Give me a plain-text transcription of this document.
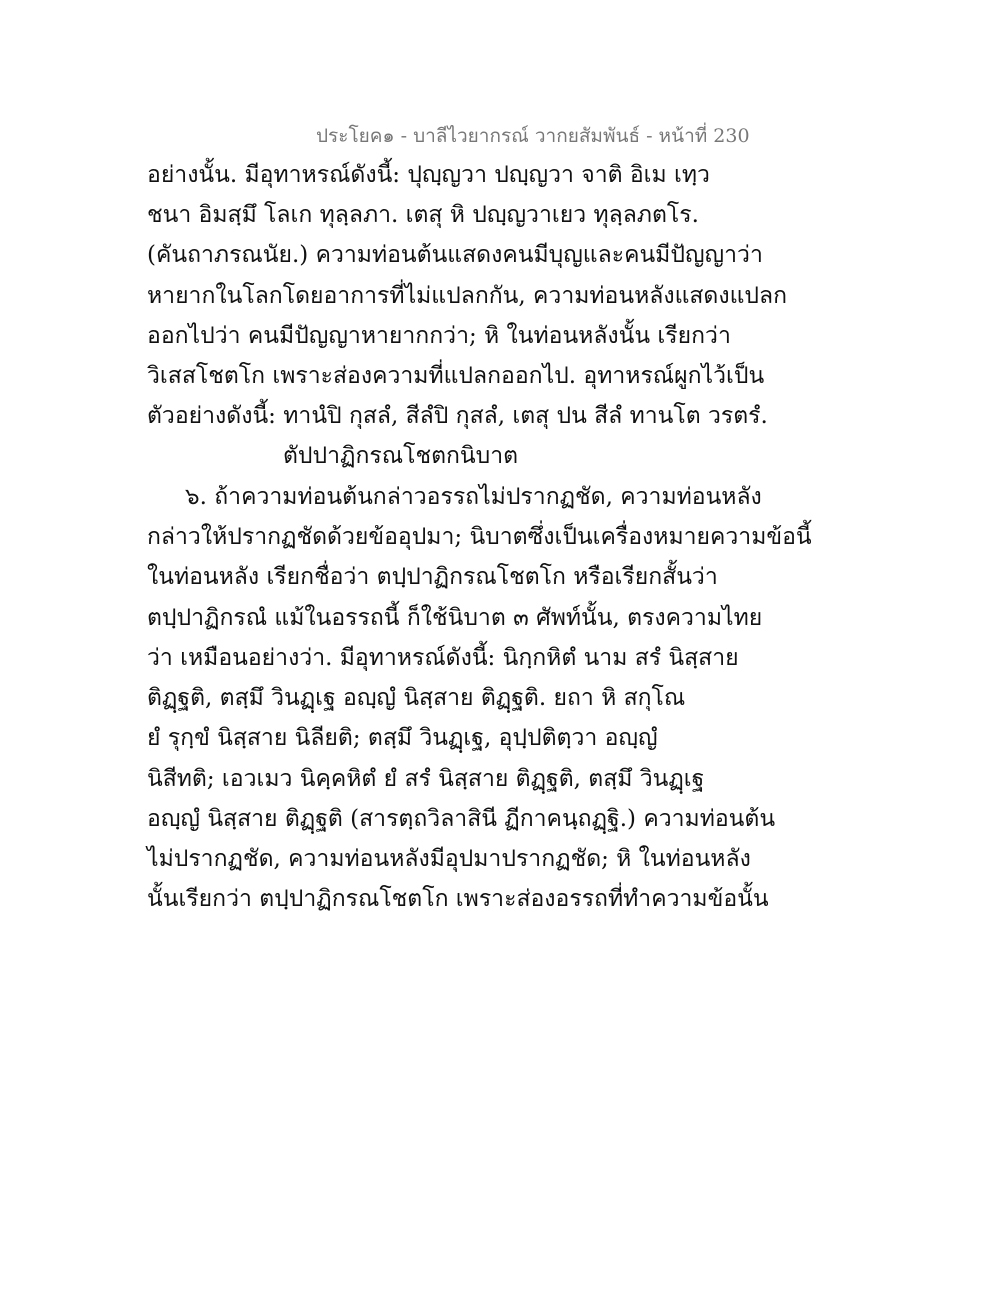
ประโยค๑ - บาลีไวยากรณ์ วากยสัมพันธ์ - หน้าที่ 230
อย่างนั้น. มีอุทาหรณ์ดังนี้: ปุญฺญวา ปญฺญวา จาติ อิเม เทฺว
ชนา อิมสฺมึ โลเก ทุลฺลภา. เตสุ หิ ปญฺญวาเยว ทุลฺลภตโร.
(คันถาภรณนัย.) ความท่อนต้นแสดงคนมีบุญและคนมีปัญญาว่า
หายากในโลกโดยอาการที่ไม่แปลกกัน, ความท่อนหลังแสดงแปลก
ออกไปว่า คนมีปัญญาหายากกว่า; หิ ในท่อนหลังนั้น เรียกว่า
วิเสสโชตโก เพราะส่องความที่แปลกออกไป. อุทาหรณ์ผูกไว้เป็น
ตัวอย่างดังนี้: ทานํปิ กุสลํ, สีลํปิ กุสลํ, เตสุ ปน สีลํ ทานโต วรตรํ.
ตัปปาฏิกรณโชตกนิบาต
๖. ถ้าความท่อนต้นกล่าวอรรถไม่ปรากฏชัด, ความท่อนหลัง
กล่าวให้ปรากฏชัดด้วยข้ออุปมา; นิบาตซึ่งเป็นเครื่องหมายความข้อนี้
ในท่อนหลัง เรียกชื่อว่า ตปฺปาฏิกรณโชตโก หรือเรียกสั้นว่า
ตปฺปาฏิกรณํ แม้ในอรรถนี้ ก็ใช้นิบาต ๓ ศัพท์นั้น, ตรงความไทย
ว่า เหมือนอย่างว่า. มีอุทาหรณ์ดังนี้: นิกฺกหิตํ นาม สรํ นิสฺสาย
ติฏฺฐติ, ตสฺมึ วินฏฺเฐ อญฺญํ นิสฺสาย ติฏฺฐติ. ยถา หิ สกุโณ
ยํ รุกฺขํ นิสฺสาย นิลียติ; ตสฺมึ วินฏฺเฐ, อุปฺปติตฺวา อญฺญํ
นิสีทติ; เอวเมว นิคฺคหิตํ ยํ สรํ นิสฺสาย ติฏฺฐติ, ตสฺมึ วินฏฺเฐ
อญฺญํ นิสฺสาย ติฏฺฐติ (สารตฺถวิลาสินี ฏีกาคนฺถฏฺฐิ.) ความท่อนต้น
ไม่ปรากฏชัด, ความท่อนหลังมีอุปมาปรากฏชัด; หิ ในท่อนหลัง
นั้นเรียกว่า ตปฺปาฏิกรณโชตโก เพราะส่องอรรถที่ทำความข้อนั้น
